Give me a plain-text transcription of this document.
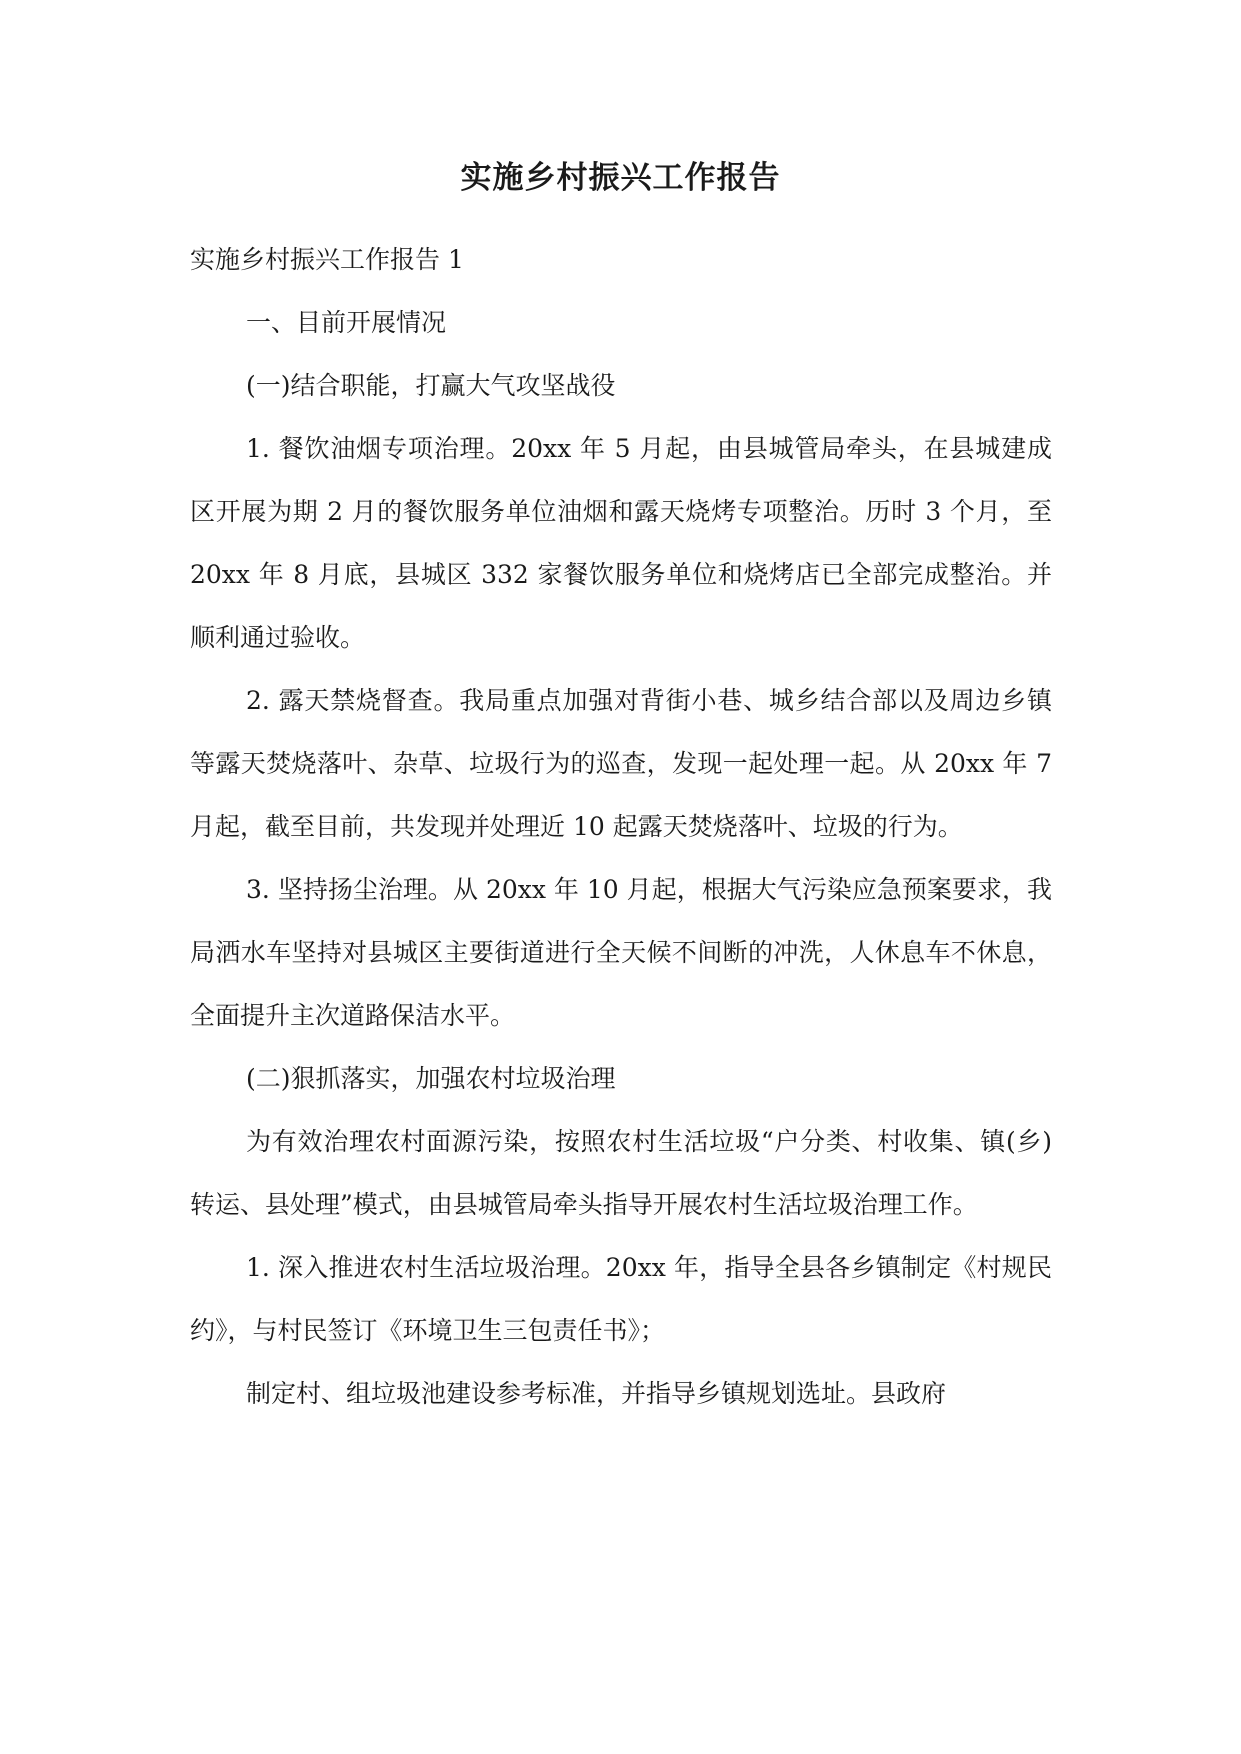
实施乡村振兴工作报告

实施乡村振兴工作报告 1

一、目前开展情况

(一)结合职能，打赢大气攻坚战役

1. 餐饮油烟专项治理。20xx 年 5 月起，由县城管局牵头，在县城建成区开展为期 2 月的餐饮服务单位油烟和露天烧烤专项整治。历时 3 个月，至 20xx 年 8 月底，县城区 332 家餐饮服务单位和烧烤店已全部完成整治。并顺利通过验收。

2. 露天禁烧督查。我局重点加强对背街小巷、城乡结合部以及周边乡镇等露天焚烧落叶、杂草、垃圾行为的巡查，发现一起处理一起。从 20xx 年 7 月起，截至目前，共发现并处理近 10 起露天焚烧落叶、垃圾的行为。

3. 坚持扬尘治理。从 20xx 年 10 月起，根据大气污染应急预案要求，我局洒水车坚持对县城区主要街道进行全天候不间断的冲洗，人休息车不休息，全面提升主次道路保洁水平。

(二)狠抓落实，加强农村垃圾治理

为有效治理农村面源污染，按照农村生活垃圾“户分类、村收集、镇(乡)转运、县处理”模式，由县城管局牵头指导开展农村生活垃圾治理工作。

1. 深入推进农村生活垃圾治理。20xx 年，指导全县各乡镇制定《村规民约》，与村民签订《环境卫生三包责任书》；

制定村、组垃圾池建设参考标准，并指导乡镇规划选址。县政府
